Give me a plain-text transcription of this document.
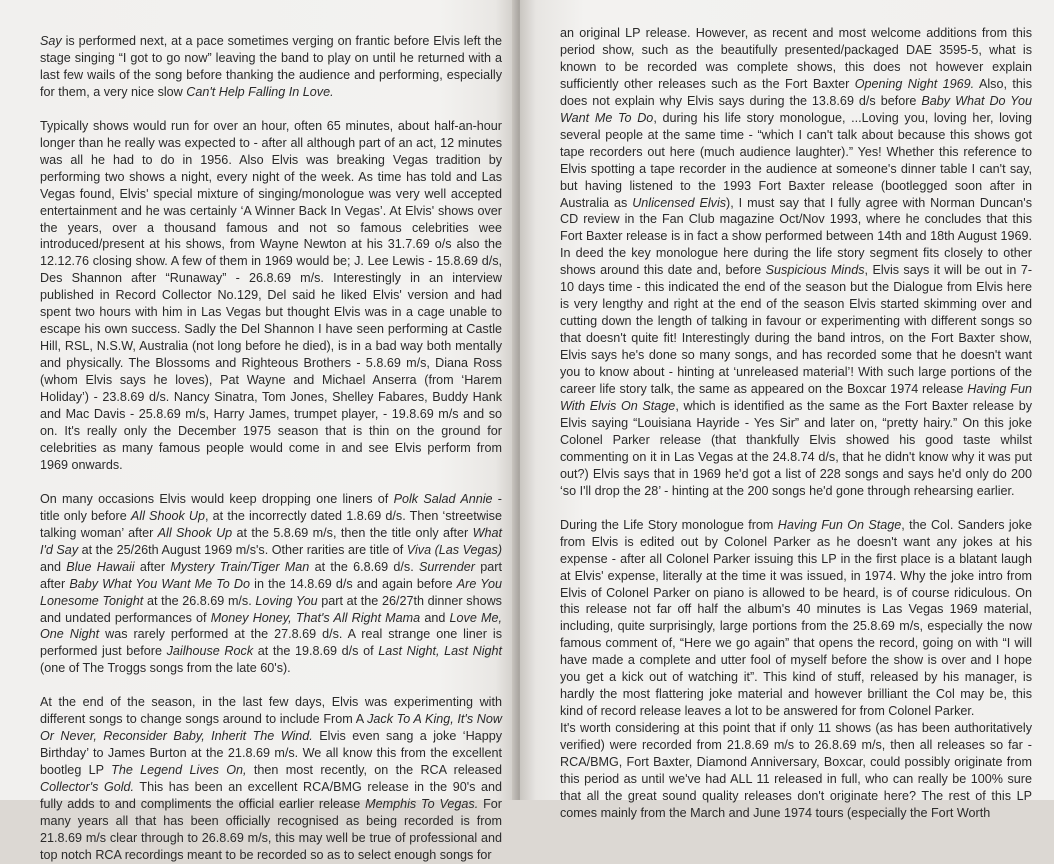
Say is performed next, at a pace sometimes verging on frantic before Elvis left the stage singing “I got to go now” leaving the band to play on until he returned with a last few wails of the song before thanking the audience and performing, especially for them, a very nice slow Can't Help Falling In Love.

Typically shows would run for over an hour, often 65 minutes, about half-an-hour longer than he really was expected to - after all although part of an act, 12 minutes was all he had to do in 1956. Also Elvis was breaking Vegas tradition by performing two shows a night, every night of the week. As time has told and Las Vegas found, Elvis' special mixture of singing/monologue was very well accepted entertainment and he was certainly ‘A Winner Back In Vegas’. At Elvis' shows over the years, over a thousand famous and not so famous celebrities wee introduced/present at his shows, from Wayne Newton at his 31.7.69 o/s also the 12.12.76 closing show. A few of them in 1969 would be; J. Lee Lewis - 15.8.69 d/s, Des Shannon after “Runaway” - 26.8.69 m/s. Interestingly in an interview published in Record Collector No.129, Del said he liked Elvis' version and had spent two hours with him in Las Vegas but thought Elvis was in a cage unable to escape his own success. Sadly the Del Shannon I have seen performing at Castle Hill, RSL, N.S.W, Australia (not long before he died), is in a bad way both mentally and physically. The Blossoms and Righteous Brothers - 5.8.69 m/s, Diana Ross (whom Elvis says he loves), Pat Wayne and Michael Anserra (from ‘Harem Holiday’) - 23.8.69 d/s. Nancy Sinatra, Tom Jones, Shelley Fabares, Buddy Hank and Mac Davis - 25.8.69 m/s, Harry James, trumpet player, - 19.8.69 m/s and so on. It's really only the December 1975 season that is thin on the ground for celebrities as many famous people would come in and see Elvis perform from 1969 onwards.

On many occasions Elvis would keep dropping one liners of Polk Salad Annie - title only before All Shook Up, at the incorrectly dated 1.8.69 d/s. Then ‘streetwise talking woman’ after All Shook Up at the 5.8.69 m/s, then the title only after What I'd Say at the 25/26th August 1969 m/s's. Other rarities are title of Viva (Las Vegas) and Blue Hawaii after Mystery Train/Tiger Man at the 6.8.69 d/s. Surrender part after Baby What You Want Me To Do in the 14.8.69 d/s and again before Are You Lonesome Tonight at the 26.8.69 m/s. Loving You part at the 26/27th dinner shows and undated performances of Money Honey, That's All Right Mama and Love Me, One Night was rarely performed at the 27.8.69 d/s. A real strange one liner is performed just before Jailhouse Rock at the 19.8.69 d/s of Last Night, Last Night (one of The Troggs songs from the late 60's).

At the end of the season, in the last few days, Elvis was experimenting with different songs to change songs around to include From A Jack To A King, It's Now Or Never, Reconsider Baby, Inherit The Wind. Elvis even sang a joke ‘Happy Birthday’ to James Burton at the 21.8.69 m/s. We all know this from the excellent bootleg LP The Legend Lives On, then most recently, on the RCA released Collector's Gold. This has been an excellent RCA/BMG release in the 90's and fully adds to and compliments the official earlier release Memphis To Vegas. For many years all that has been officially recognised as being recorded is from 21.8.69 m/s clear through to 26.8.69 m/s, this may well be true of professional and top notch RCA recordings meant to be recorded so as to select enough songs for

an original LP release. However, as recent and most welcome additions from this period show, such as the beautifully presented/packaged DAE 3595-5, what is known to be recorded was complete shows, this does not however explain sufficiently other releases such as the Fort Baxter Opening Night 1969. Also, this does not explain why Elvis says during the 13.8.69 d/s before Baby What Do You Want Me To Do, during his life story monologue, ...Loving you, loving her, loving several people at the same time - “which I can't talk about because this shows got tape recorders out here (much audience laughter).” Yes! Whether this reference to Elvis spotting a tape recorder in the audience at someone's dinner table I can't say, but having listened to the 1993 Fort Baxter release (bootlegged soon after in Australia as Unlicensed Elvis), I must say that I fully agree with Norman Duncan's CD review in the Fan Club magazine Oct/Nov 1993, where he concludes that this Fort Baxter release is in fact a show performed between 14th and 18th August 1969. In deed the key monologue here during the life story segment fits closely to other shows around this date and, before Suspicious Minds, Elvis says it will be out in 7-10 days time - this indicated the end of the season but the Dialogue from Elvis here is very lengthy and right at the end of the season Elvis started skimming over and cutting down the length of talking in favour or experimenting with different songs so that doesn't quite fit! Interestingly during the band intros, on the Fort Baxter show, Elvis says he's done so many songs, and has recorded some that he doesn't want you to know about - hinting at ‘unreleased material’! With such large portions of the career life story talk, the same as appeared on the Boxcar 1974 release Having Fun With Elvis On Stage, which is identified as the same as the Fort Baxter release by Elvis saying “Louisiana Hayride - Yes Sir” and later on, “pretty hairy.” On this joke Colonel Parker release (that thankfully Elvis showed his good taste whilst commenting on it in Las Vegas at the 24.8.74 d/s, that he didn't know why it was put out?) Elvis says that in 1969 he'd got a list of 228 songs and says he'd only do 200 ‘so I'll drop the 28’ - hinting at the 200 songs he'd gone through rehearsing earlier.

During the Life Story monologue from Having Fun On Stage, the Col. Sanders joke from Elvis is edited out by Colonel Parker as he doesn't want any jokes at his expense - after all Colonel Parker issuing this LP in the first place is a blatant laugh at Elvis' expense, literally at the time it was issued, in 1974. Why the joke intro from Elvis of Colonel Parker on piano is allowed to be heard, is of course ridiculous. On this release not far off half the album's 40 minutes is Las Vegas 1969 material, including, quite surprisingly, large portions from the 25.8.69 m/s, especially the now famous comment of, “Here we go again” that opens the record, going on with “I will have made a complete and utter fool of myself before the show is over and I hope you get a kick out of watching it”. This kind of stuff, released by his manager, is hardly the most flattering joke material and however brilliant the Col may be, this kind of record release leaves a lot to be answered for from Colonel Parker.

It's worth considering at this point that if only 11 shows (as has been authoritatively verified) were recorded from 21.8.69 m/s to 26.8.69 m/s, then all releases so far - RCA/BMG, Fort Baxter, Diamond Anniversary, Boxcar, could possibly originate from this period as until we've had ALL 11 released in full, who can really be 100% sure that all the great sound quality releases don't originate here? The rest of this LP comes mainly from the March and June 1974 tours (especially the Fort Worth
